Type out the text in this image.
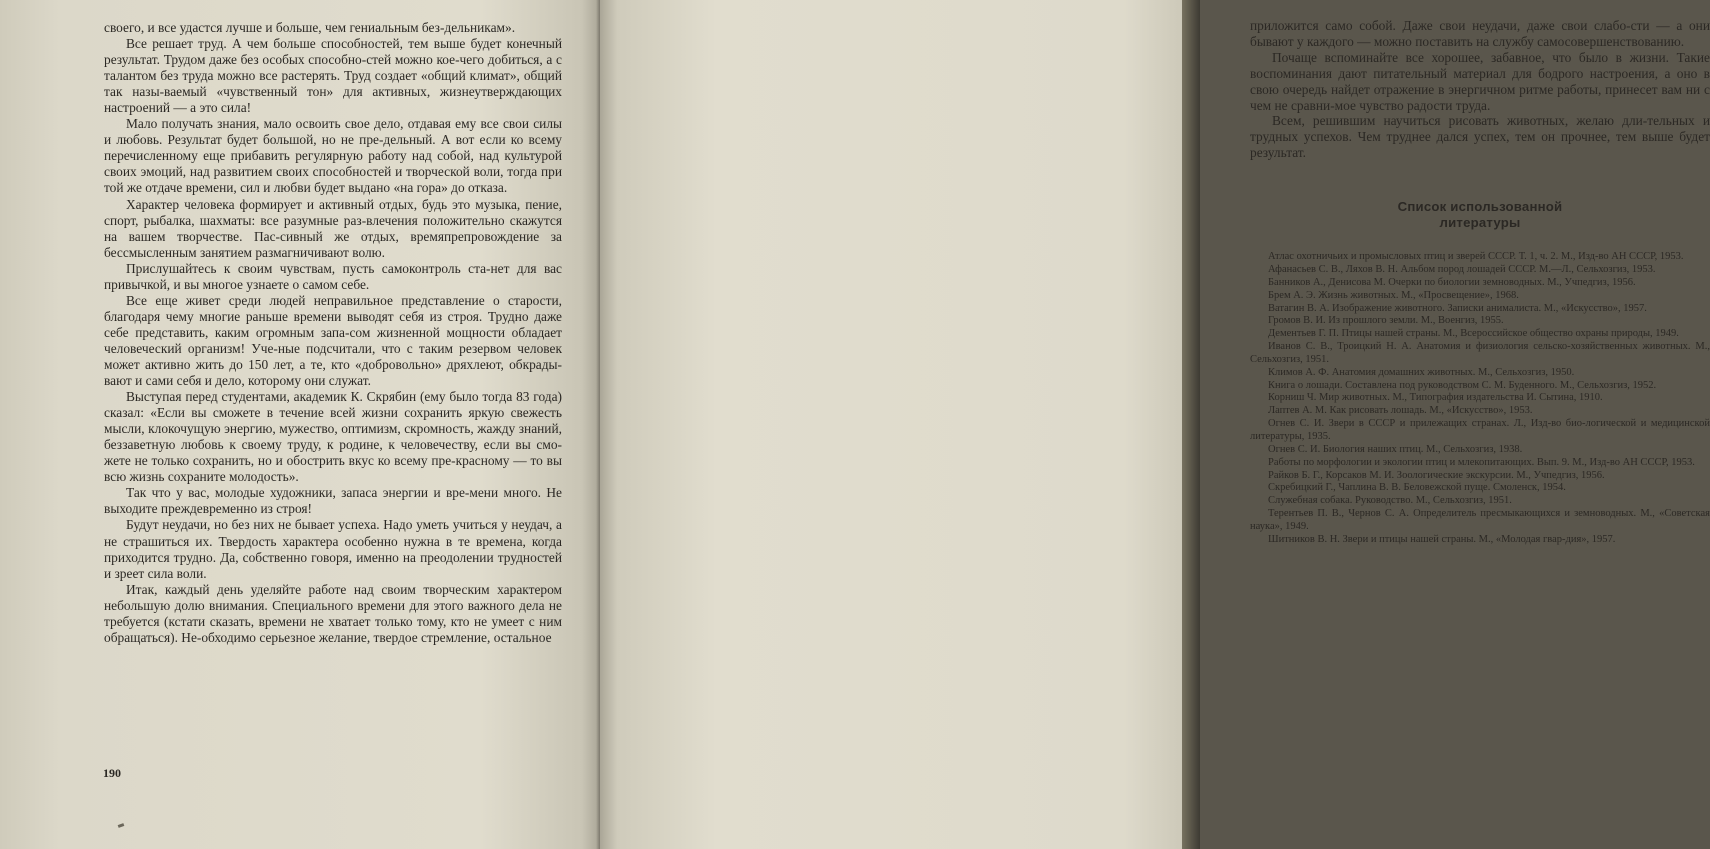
своего, и все удастся лучше и больше, чем гениальным без-дельникам».

Все решает труд. А чем больше способностей, тем выше будет конечный результат. Трудом даже без особых способно-стей можно кое-чего добиться, а с талантом без труда можно все растерять. Труд создает «общий климат», общий так назы-ваемый «чувственный тон» для активных, жизнеутверждающих настроений — а это сила!

Мало получать знания, мало освоить свое дело, отдавая ему все свои силы и любовь. Результат будет большой, но не пре-дельный. А вот если ко всему перечисленному еще прибавить регулярную работу над собой, над культурой своих эмоций, над развитием своих способностей и творческой воли, тогда при той же отдаче времени, сил и любви будет выдано «на гора» до отказа.

Характер человека формирует и активный отдых, будь это музыка, пение, спорт, рыбалка, шахматы: все разумные раз-влечения положительно скажутся на вашем творчестве. Пас-сивный же отдых, времяпрепровождение за бессмысленным занятием размагничивают волю.

Прислушайтесь к своим чувствам, пусть самоконтроль ста-нет для вас привычкой, и вы многое узнаете о самом себе.

Все еще живет среди людей неправильное представление о старости, благодаря чему многие раньше времени выводят себя из строя. Трудно даже себе представить, каким огромным запа-сом жизненной мощности обладает человеческий организм! Уче-ные подсчитали, что с таким резервом человек может активно жить до 150 лет, а те, кто «добровольно» дряхлеют, обкрады-вают и сами себя и дело, которому они служат.

Выступая перед студентами, академик К. Скрябин (ему было тогда 83 года) сказал: «Если вы сможете в течение всей жизни сохранить яркую свежесть мысли, клокочущую энергию, мужество, оптимизм, скромность, жажду знаний, беззаветную любовь к своему труду, к родине, к человечеству, если вы смо-жете не только сохранить, но и обострить вкус ко всему пре-красному — то вы всю жизнь сохраните молодость».

Так что у вас, молодые художники, запаса энергии и вре-мени много. Не выходите преждевременно из строя!

Будут неудачи, но без них не бывает успеха. Надо уметь учиться у неудач, а не страшиться их. Твердость характера особенно нужна в те времена, когда приходится трудно. Да, собственно говоря, именно на преодолении трудностей и зреет сила воли.

Итак, каждый день уделяйте работе над своим творческим характером небольшую долю внимания. Специального времени для этого важного дела не требуется (кстати сказать, времени не хватает только тому, кто не умеет с ним обращаться). Не-обходимо серьезное желание, твердое стремление, остальное

190

приложится само собой. Даже свои неудачи, даже свои слабо-сти — а они бывают у каждого — можно поставить на службу самосовершенствованию.

Почаще вспоминайте все хорошее, забавное, что было в жизни. Такие воспоминания дают питательный материал для бодрого настроения, а оно в свою очередь найдет отражение в энергичном ритме работы, принесет вам ни с чем не сравни-мое чувство радости труда.

Всем, решившим научиться рисовать животных, желаю дли-тельных и трудных успехов. Чем труднее дался успех, тем он прочнее, тем выше будет результат.

Список использованной
литературы

Атлас охотничьих и промысловых птиц и зверей СССР. Т. 1, ч. 2. М., Изд-во АН СССР, 1953.

Афанасьев С. В., Ляхов В. Н. Альбом пород лошадей СССР. М.—Л., Сельхозгиз, 1953.

Банников А., Денисова М. Очерки по биологии земноводных. М., Учпедгиз, 1956.

Брем А. Э. Жизнь животных. М., «Просвещение», 1968.

Ватагин В. А. Изображение животного. Записки анималиста. М., «Искусство», 1957.

Громов В. И. Из прошлого земли. М., Военгиз, 1955.

Дементьев Г. П. Птицы нашей страны. М., Всероссийское общество охраны природы, 1949.

Иванов С. В., Троицкий Н. А. Анатомия и физиология сельско-хозяйственных животных. М., Сельхозгиз, 1951.

Климов А. Ф. Анатомия домашних животных. М., Сельхозгиз, 1950.

Книга о лошади. Составлена под руководством С. М. Буденного. М., Сельхозгиз, 1952.

Корниш Ч. Мир животных. М., Типография издательства И. Сытина, 1910.

Лаптев А. М. Как рисовать лошадь. М., «Искусство», 1953.

Огнев С. И. Звери в СССР и прилежащих странах. Л., Изд-во био-логической и медицинской литературы, 1935.

Огнев С. И. Биология наших птиц. М., Сельхозгиз, 1938.

Работы по морфологии и экологии птиц и млекопитающих. Вып. 9. М., Изд-во АН СССР, 1953.

Райков Б. Г., Корсаков М. И. Зоологические экскурсии. М., Учпедгиз, 1956.

Скребицкий Г., Чаплина В. В. Беловежской пуще. Смоленск, 1954.

Служебная собака. Руководство. М., Сельхозгиз, 1951.

Терентьев П. В., Чернов С. А. Определитель пресмыкающихся и земноводных. М., «Советская наука», 1949.

Шитников В. Н. Звери и птицы нашей страны. М., «Молодая гвар-дия», 1957.
